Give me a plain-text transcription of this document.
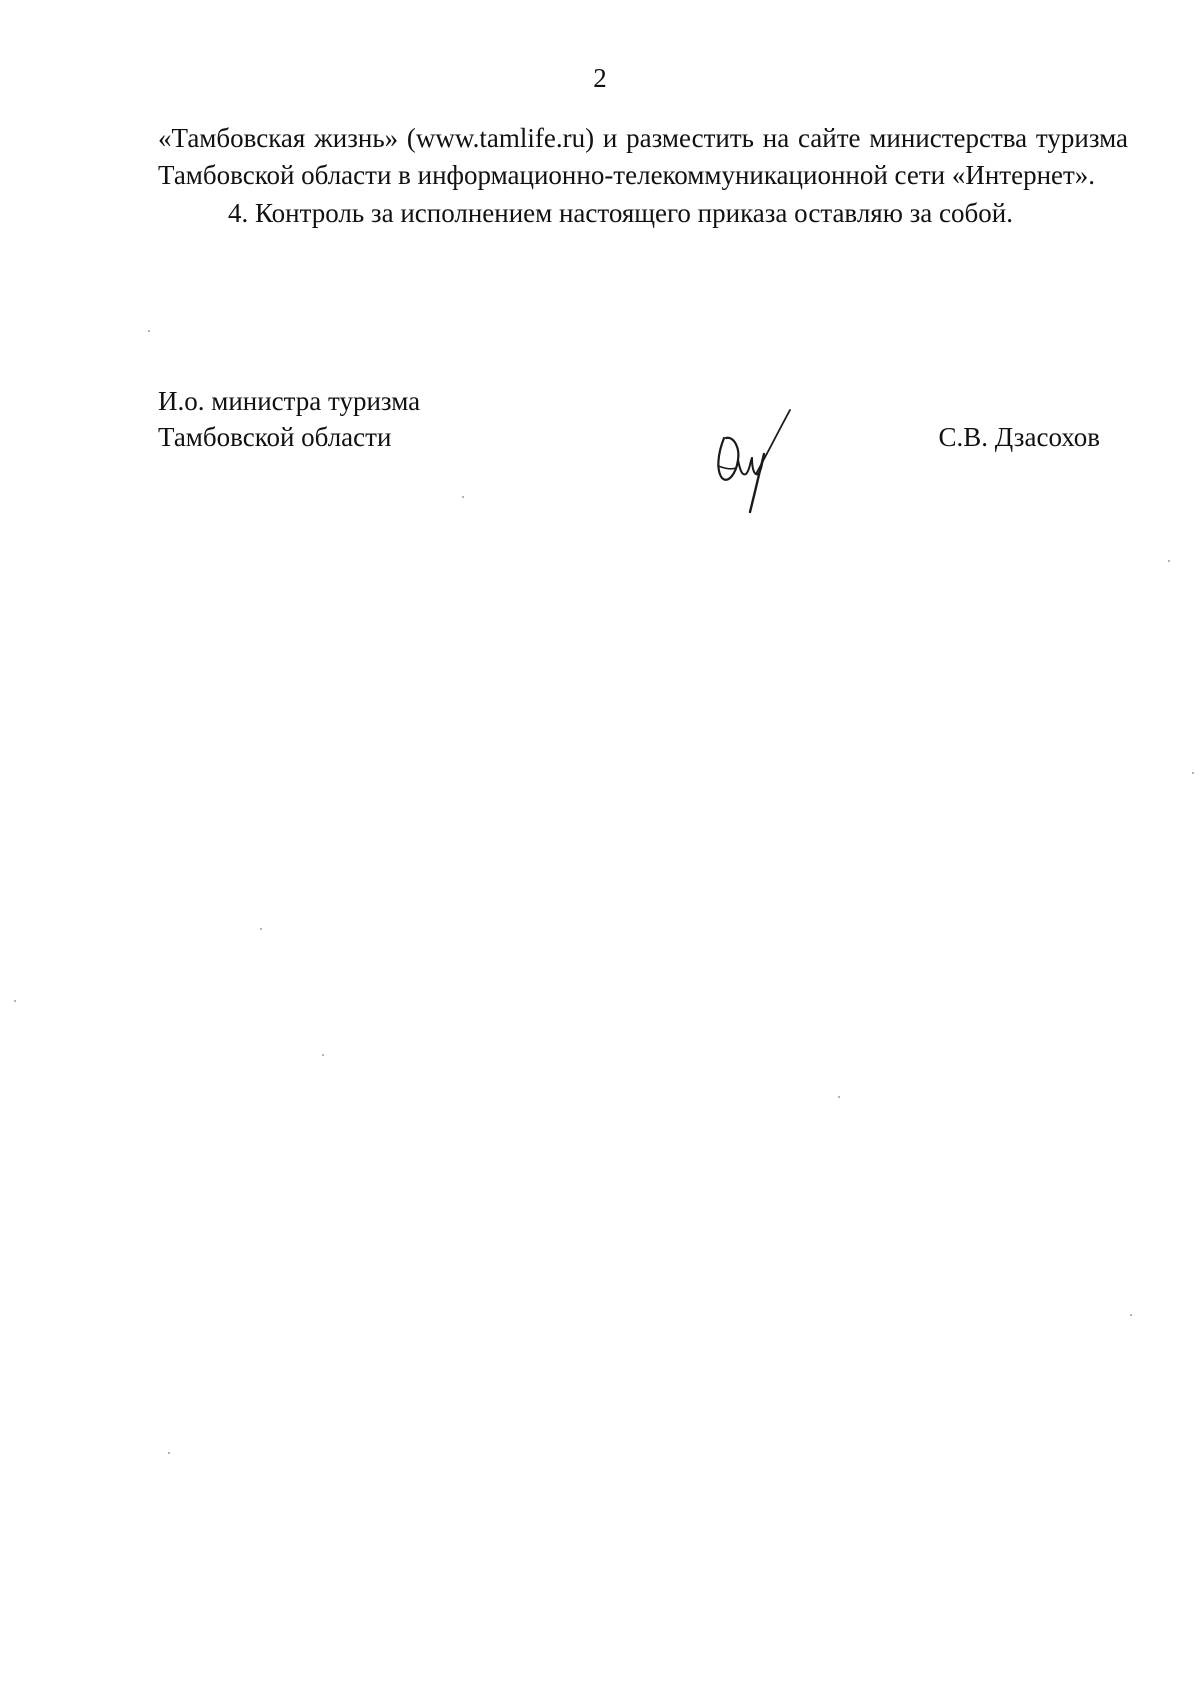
2

«Тамбовская жизнь» (www.tamlife.ru) и разместить на сайте министерства туризма Тамбовской области в информационно-телекоммуникационной сети «Интернет».

4. Контроль за исполнением настоящего приказа оставляю за собой.

И.о. министра туризма
Тамбовской области	С.В. Дзасохов
